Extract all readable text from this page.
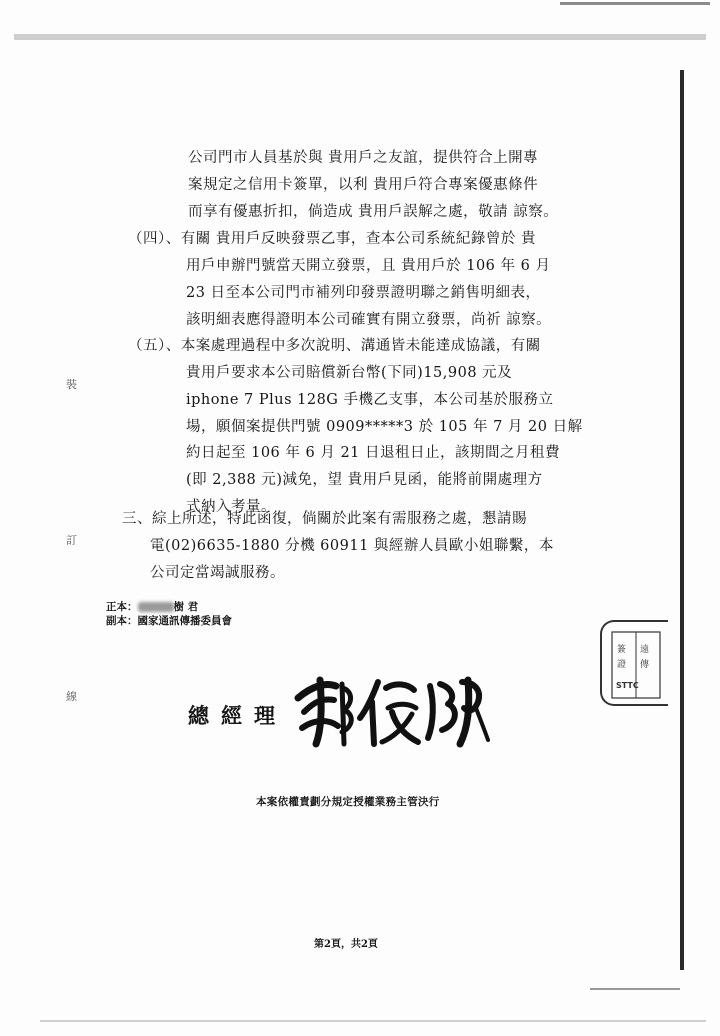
裝
訂
線
公司門市人員基於與 貴用戶之友誼，提供符合上開專
案規定之信用卡簽單，以利 貴用戶符合專案優惠條件
而享有優惠折扣，倘造成 貴用戶誤解之處，敬請 諒察。
（四）、有關 貴用戶反映發票乙事，查本公司系統紀錄曾於 貴
用戶申辦門號當天開立發票，且 貴用戶於 106 年 6 月
23 日至本公司門市補列印發票證明聯之銷售明細表，
該明細表應得證明本公司確實有開立發票，尚祈 諒察。
（五）、本案處理過程中多次說明、溝通皆未能達成協議，有關
貴用戶要求本公司賠償新台幣(下同)15,908 元及
iphone 7 Plus 128G 手機乙支事，本公司基於服務立
場，願個案提供門號 0909*****3 於 105 年 7 月 20 日解
約日起至 106 年 6 月 21 日退租日止，該期間之月租費
(即 2,388 元)減免，望 貴用戶見函，能將前開處理方
式納入考量。
三、綜上所述，特此函復，倘關於此案有需服務之處，懇請賜
電(02)6635-1880 分機 60911 與經辦人員歐小姐聯繫，本
公司定當竭誠服務。
正本：	樹 君
副本：國家通訊傳播委員會
簽
證
遠
傳
STTC
總經理
鄭俊卿
本案依權責劃分規定授權業務主管決行
第2頁，共2頁
